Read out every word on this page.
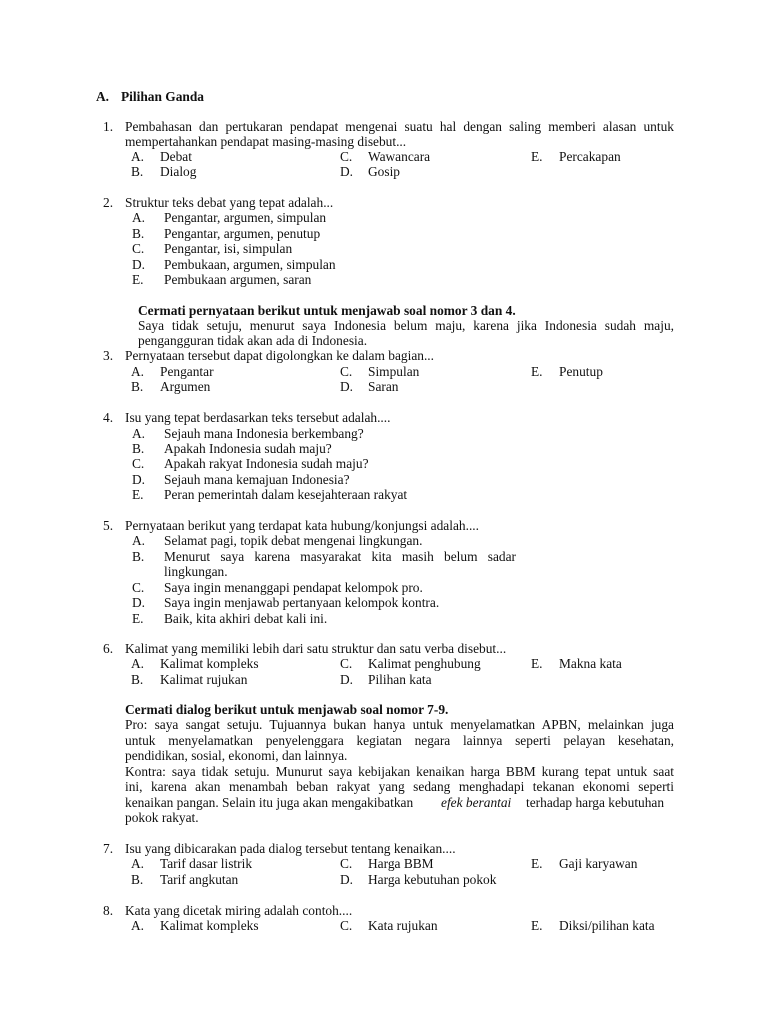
A. Pilihan Ganda
1. Pembahasan dan pertukaran pendapat mengenai suatu hal dengan saling memberi alasan untuk
mempertahankan pendapat masing-masing disebut...
A. Debat
B. Dialog
C. Wawancara
D. Gosip
E. Percakapan
2. Struktur teks debat yang tepat adalah...
A. Pengantar, argumen, simpulan
B. Pengantar, argumen, penutup
C. Pengantar, isi, simpulan
D. Pembukaan, argumen, simpulan
E. Pembukaan argumen, saran
Cermati pernyataan berikut untuk menjawab soal nomor 3 dan 4.
Saya tidak setuju, menurut saya Indonesia belum maju, karena jika Indonesia sudah maju,
pengangguran tidak akan ada di Indonesia.
3. Pernyataan tersebut dapat digolongkan ke dalam bagian...
A. Pengantar
B. Argumen
C. Simpulan
D. Saran
E. Penutup
4. Isu yang tepat berdasarkan teks tersebut adalah....
A. Sejauh mana Indonesia berkembang?
B. Apakah Indonesia sudah maju?
C. Apakah rakyat Indonesia sudah maju?
D. Sejauh mana kemajuan Indonesia?
E. Peran pemerintah dalam kesejahteraan rakyat
5. Pernyataan berikut yang terdapat kata hubung/konjungsi adalah....
A. Selamat pagi, topik debat mengenai lingkungan.
B. Menurut saya karena masyarakat kita masih belum sadar
lingkungan.
C. Saya ingin menanggapi pendapat kelompok pro.
D. Saya ingin menjawab pertanyaan kelompok kontra.
E. Baik, kita akhiri debat kali ini.
6. Kalimat yang memiliki lebih dari satu struktur dan satu verba disebut...
A. Kalimat kompleks
B. Kalimat rujukan
C. Kalimat penghubung
D. Pilihan kata
E. Makna kata
Cermati dialog berikut untuk menjawab soal nomor 7-9.
Pro: saya sangat setuju. Tujuannya bukan hanya untuk menyelamatkan APBN, melainkan juga
untuk menyelamatkan penyelenggara kegiatan negara lainnya seperti pelayan kesehatan,
pendidikan, sosial, ekonomi, dan lainnya.
Kontra: saya tidak setuju. Munurut saya kebijakan kenaikan harga BBM kurang tepat untuk saat
ini, karena akan menambah beban rakyat yang sedang menghadapi tekanan ekonomi seperti
kenaikan pangan. Selain itu juga akan mengakibatkan efek berantai terhadap harga kebutuhan
pokok rakyat.
7. Isu yang dibicarakan pada dialog tersebut tentang kenaikan....
A. Tarif dasar listrik
B. Tarif angkutan
C. Harga BBM
D. Harga kebutuhan pokok
E. Gaji karyawan
8. Kata yang dicetak miring adalah contoh....
A. Kalimat kompleks	C. Kata rujukan	E. Diksi/pilihan kata
